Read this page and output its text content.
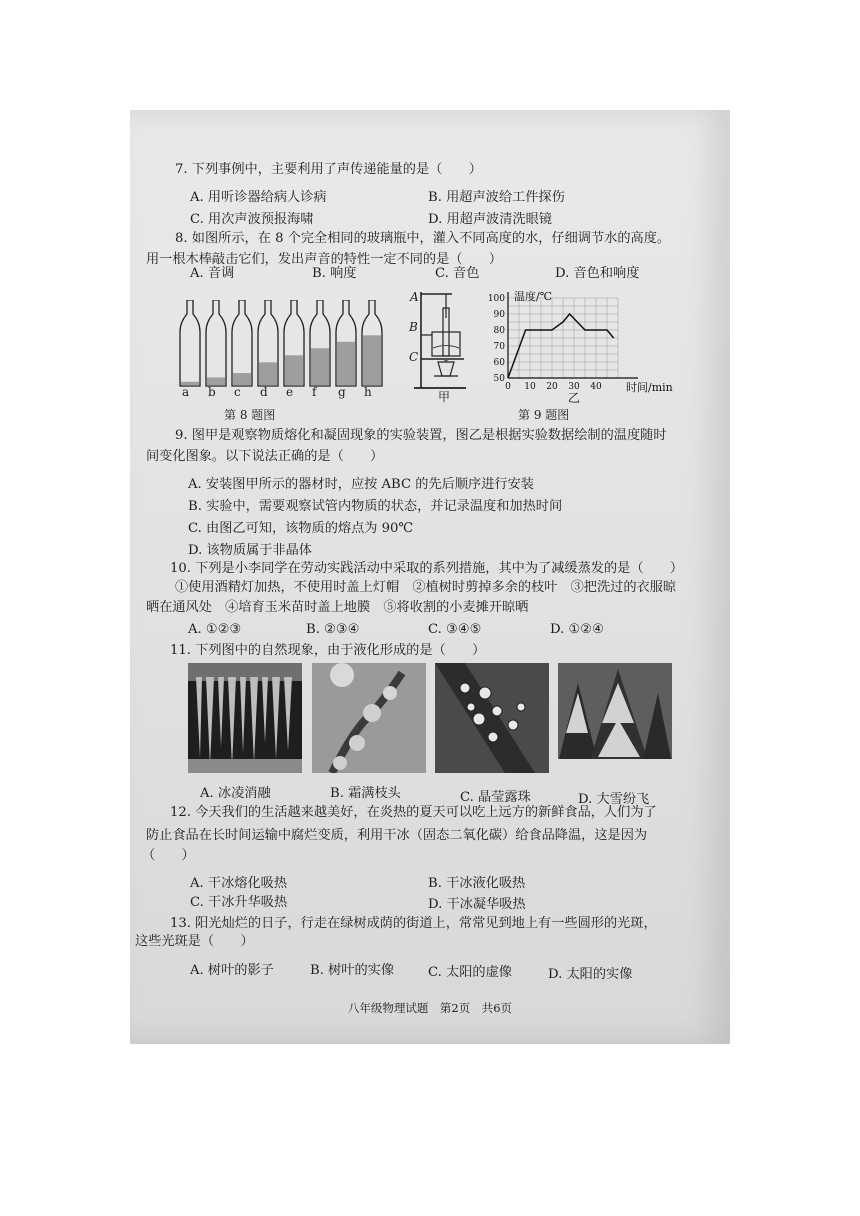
7. 下列事例中，主要利用了声传递能量的是（　　）
A. 用听诊器给病人诊病	B. 用超声波给工件探伤
C. 用次声波预报海啸	D. 用超声波清洗眼镜
8. 如图所示，在 8 个完全相同的玻璃瓶中，灌入不同高度的水，仔细调节水的高度。
用一根木棒敲击它们，发出声音的特性一定不同的是（　　）
A. 音调	B. 响度	C. 音色	D. 音色和响度
a b c d e f g h
第 8 题图
A
B
C
甲
50
60
70
80
90
100
0 10 20 30 40
温度/℃
时间/min
乙
第 9 题图
9. 图甲是观察物质熔化和凝固现象的实验装置，图乙是根据实验数据绘制的温度随时
间变化图象。以下说法正确的是（　　）
A. 安装图甲所示的器材时，应按 ABC 的先后顺序进行安装
B. 实验中，需要观察试管内物质的状态，并记录温度和加热时间
C. 由图乙可知，该物质的熔点为 90℃
D. 该物质属于非晶体
10. 下列是小李同学在劳动实践活动中采取的系列措施，其中为了减缓蒸发的是（　　）
①使用酒精灯加热，不使用时盖上灯帽　②植树时剪掉多余的枝叶　③把洗过的衣服晾
晒在通风处　④培育玉米苗时盖上地膜　⑤将收割的小麦摊开晾晒
A. ①②③	B. ②③④	C. ③④⑤	D. ①②④
11. 下列图中的自然现象，由于液化形成的是（　　）
A. 冰凌消融	B. 霜满枝头	C. 晶莹露珠	D. 大雪纷飞
12. 今天我们的生活越来越美好，在炎热的夏天可以吃上远方的新鲜食品，人们为了
防止食品在长时间运输中腐烂变质，利用干冰（固态二氧化碳）给食品降温，这是因为
（　　）
A. 干冰熔化吸热	B. 干冰液化吸热
C. 干冰升华吸热	D. 干冰凝华吸热
13. 阳光灿烂的日子，行走在绿树成荫的街道上，常常见到地上有一些圆形的光斑，
这些光斑是（　　）
A. 树叶的影子	B. 树叶的实像	C. 太阳的虚像	D. 太阳的实像
八年级物理试题　第2页　共6页
